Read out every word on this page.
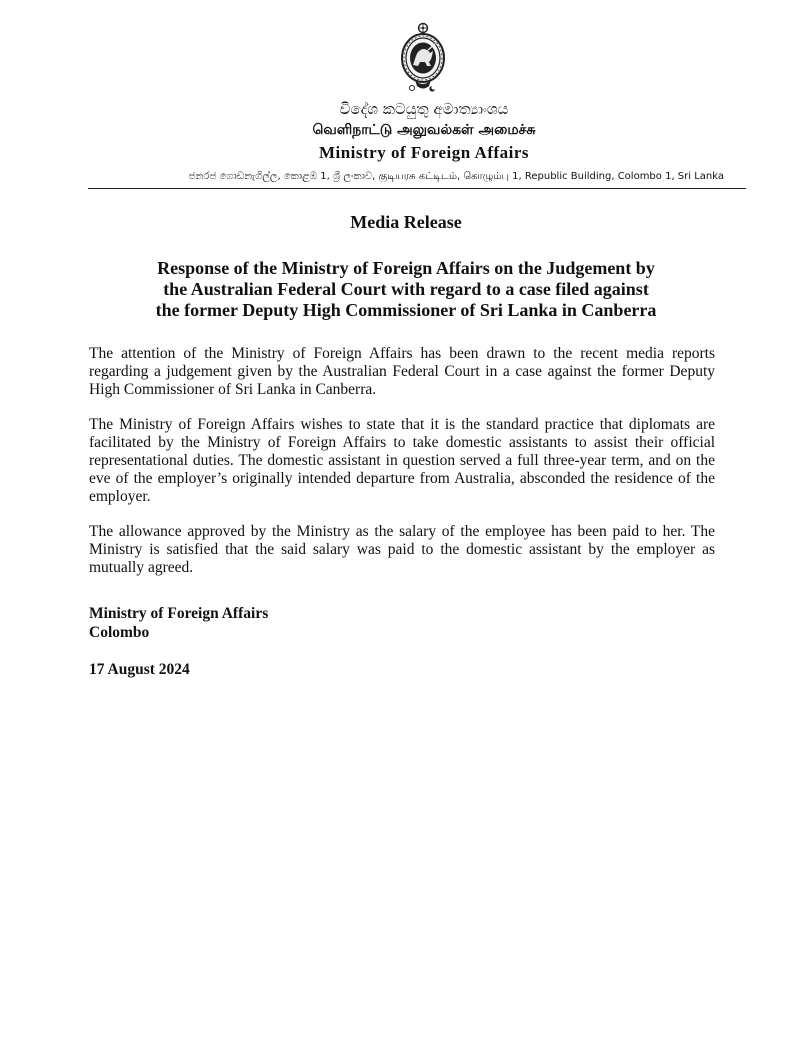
විදේශ කටයුතු අමාත්‍යාංශය
வெளிநாட்டு அலுவல்கள் அமைச்சு
Ministry of Foreign Affairs
ජනරජ ගොඩනැගිල්ල, කොළඹ 1, ශ්‍රී ලංකාව, குடியரசு கட்டிடம், கொழும்பு 1, Republic Building, Colombo 1, Sri Lanka
Media Release
Response of the Ministry of Foreign Affairs on the Judgement by
the Australian Federal Court with regard to a case filed against
the former Deputy High Commissioner of Sri Lanka in Canberra

The attention of the Ministry of Foreign Affairs has been drawn to the recent media reports regarding a judgement given by the Australian Federal Court in a case against the former Deputy High Commissioner of Sri Lanka in Canberra.

The Ministry of Foreign Affairs wishes to state that it is the standard practice that diplomats are facilitated by the Ministry of Foreign Affairs to take domestic assistants to assist their official representational duties. The domestic assistant in question served a full three-year term, and on the eve of the employer’s originally intended departure from Australia, absconded the residence of the employer.

The allowance approved by the Ministry as the salary of the employee has been paid to her. The Ministry is satisfied that the said salary was paid to the domestic assistant by the employer as mutually agreed.

Ministry of Foreign Affairs
Colombo
17 August 2024
